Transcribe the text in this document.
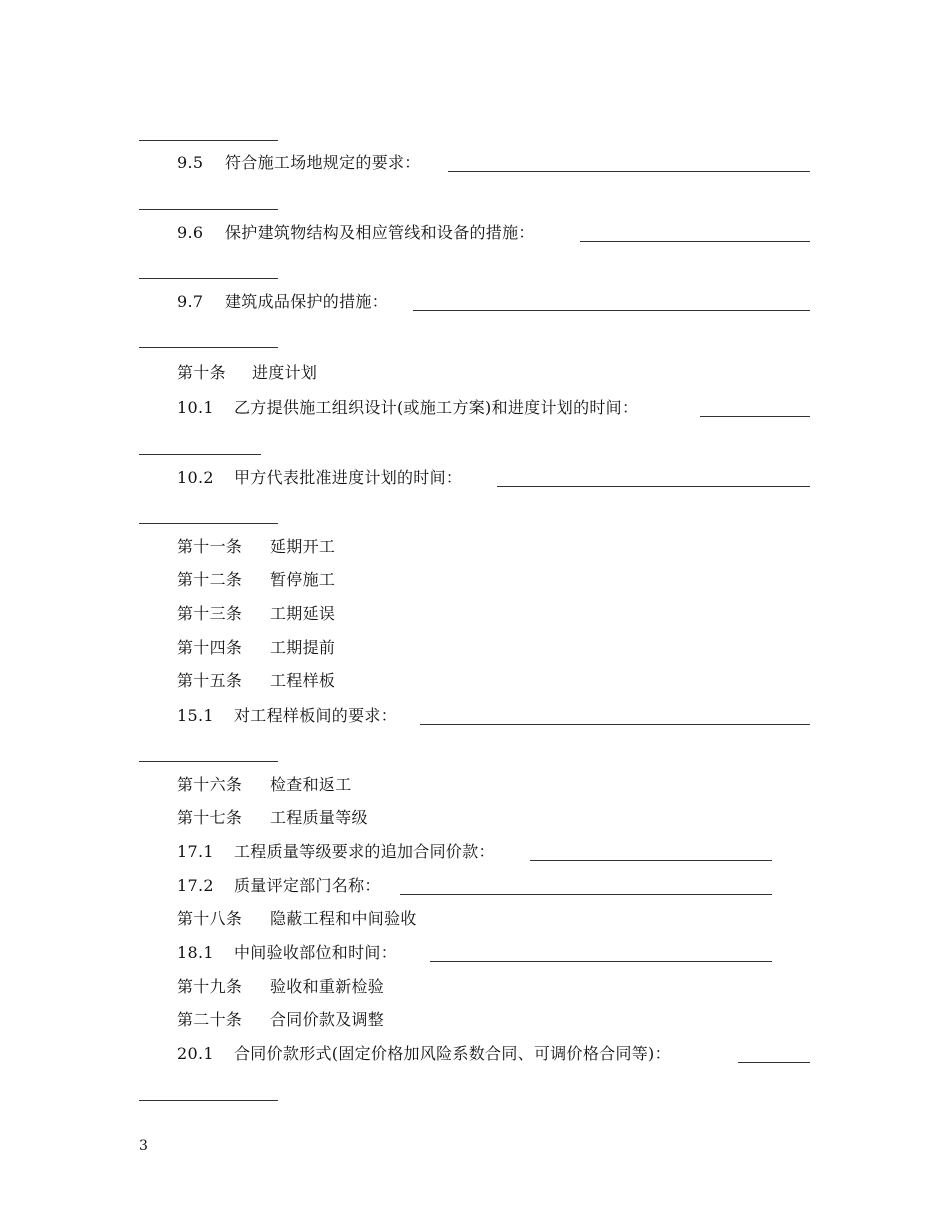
9.5 符合施工场地规定的要求：
9.6 保护建筑物结构及相应管线和设备的措施：
9.7 建筑成品保护的措施：
第十条 进度计划
10.1 乙方提供施工组织设计(或施工方案)和进度计划的时间：
10.2 甲方代表批准进度计划的时间：
第十一条 延期开工
第十二条 暂停施工
第十三条 工期延误
第十四条 工期提前
第十五条 工程样板
15.1 对工程样板间的要求：
第十六条 检查和返工
第十七条 工程质量等级
17.1 工程质量等级要求的追加合同价款：
17.2 质量评定部门名称：
第十八条 隐蔽工程和中间验收
18.1 中间验收部位和时间：
第十九条 验收和重新检验
第二十条 合同价款及调整
20.1 合同价款形式(固定价格加风险系数合同、可调价格合同等)：
3
